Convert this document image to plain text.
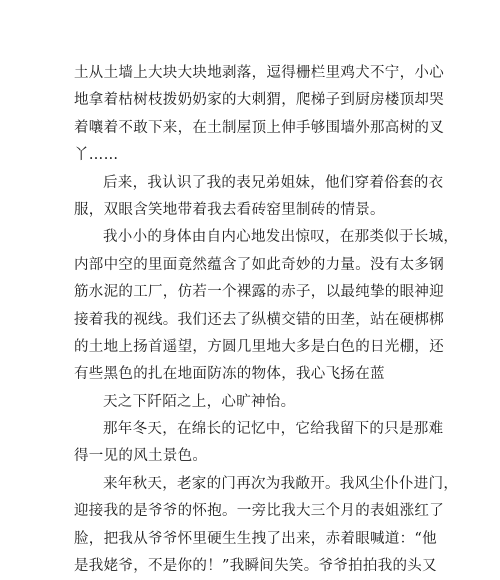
土从土墙上大块大块地剥落，逗得栅栏里鸡犬不宁，小心
地拿着枯树枝拨奶奶家的大刺猬，爬梯子到厨房楼顶却哭
着嚷着不敢下来，在土制屋顶上伸手够围墙外那高树的叉
丫……
后来，我认识了我的表兄弟姐妹，他们穿着俗套的衣
服，双眼含笑地带着我去看砖窑里制砖的情景。
我小小的身体由自内心地发出惊叹，在那类似于长城，
内部中空的里面竟然蕴含了如此奇妙的力量。没有太多钢
筋水泥的工厂，仿若一个裸露的赤子，以最纯挚的眼神迎
接着我的视线。我们还去了纵横交错的田垄，站在硬梆梆
的土地上扬首遥望，方圆几里地大多是白色的日光棚，还
有些黑色的扎在地面防冻的物体，我心飞扬在蓝
天之下阡陌之上，心旷神怡。
那年冬天，在绵长的记忆中，它给我留下的只是那难
得一见的风土景色。
来年秋天，老家的门再次为我敞开。我风尘仆仆进门，
迎接我的是爷爷的怀抱。一旁比我大三个月的表姐涨红了
脸，把我从爷爷怀里硬生生拽了出来，赤着眼喊道：“他
是我姥爷，不是你的！”我瞬间失笑。爷爷拍拍我的头又
